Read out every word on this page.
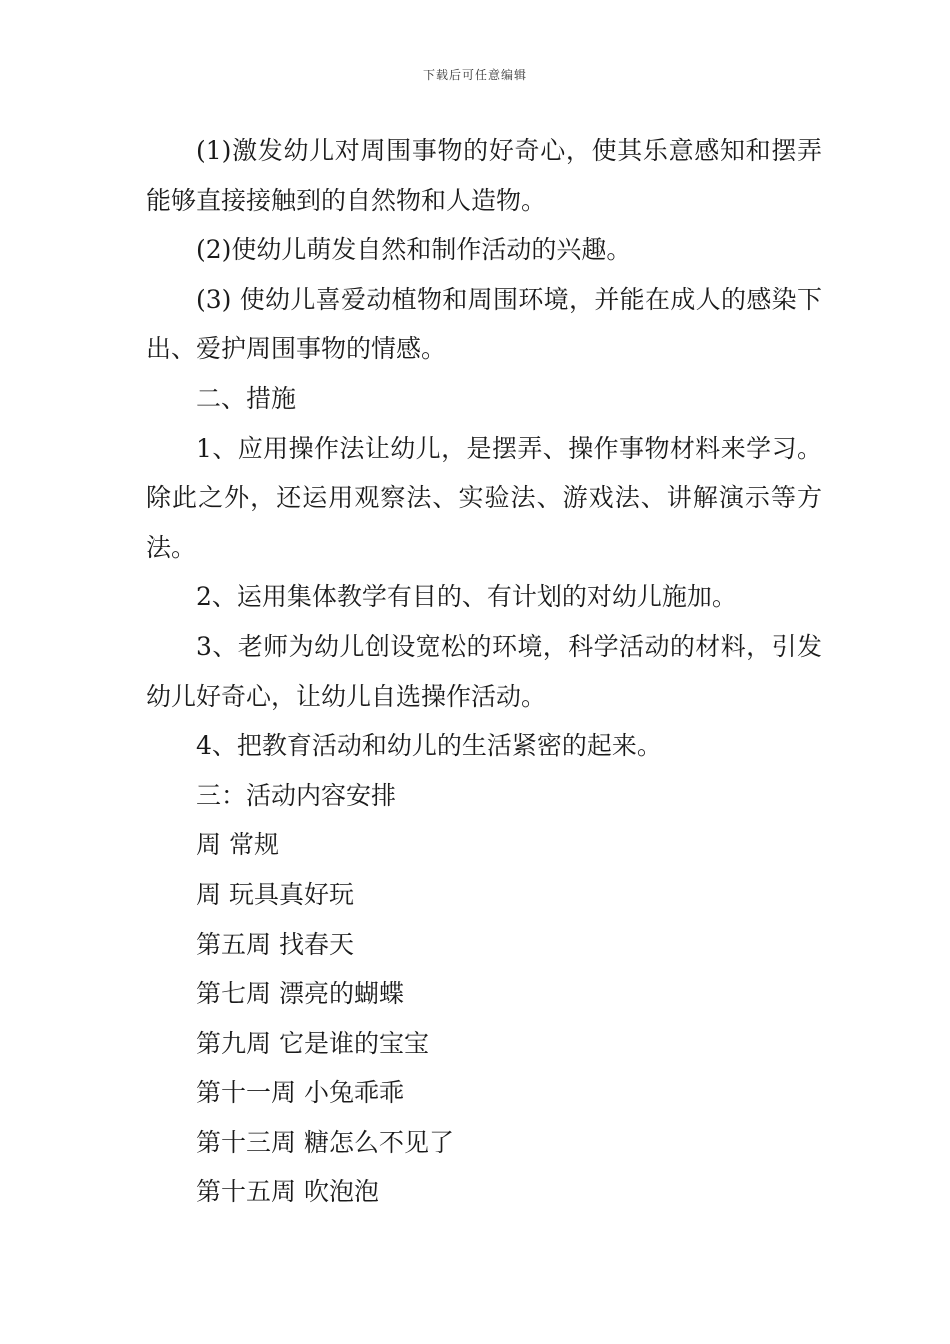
下载后可任意编辑

(1)激发幼儿对周围事物的好奇心，使其乐意感知和摆弄能够直接接触到的自然物和人造物。

(2)使幼儿萌发自然和制作活动的兴趣。

(3) 使幼儿喜爱动植物和周围环境，并能在成人的感染下出、爱护周围事物的情感。

二、措施

1、应用操作法让幼儿，是摆弄、操作事物材料来学习。除此之外，还运用观察法、实验法、游戏法、讲解演示等方法。

2、运用集体教学有目的、有计划的对幼儿施加。

3、老师为幼儿创设宽松的环境，科学活动的材料，引发幼儿好奇心，让幼儿自选操作活动。

4、把教育活动和幼儿的生活紧密的起来。

三：活动内容安排

周 常规

周 玩具真好玩

第五周 找春天

第七周 漂亮的蝴蝶

第九周 它是谁的宝宝

第十一周 小兔乖乖

第十三周 糖怎么不见了

第十五周 吹泡泡
